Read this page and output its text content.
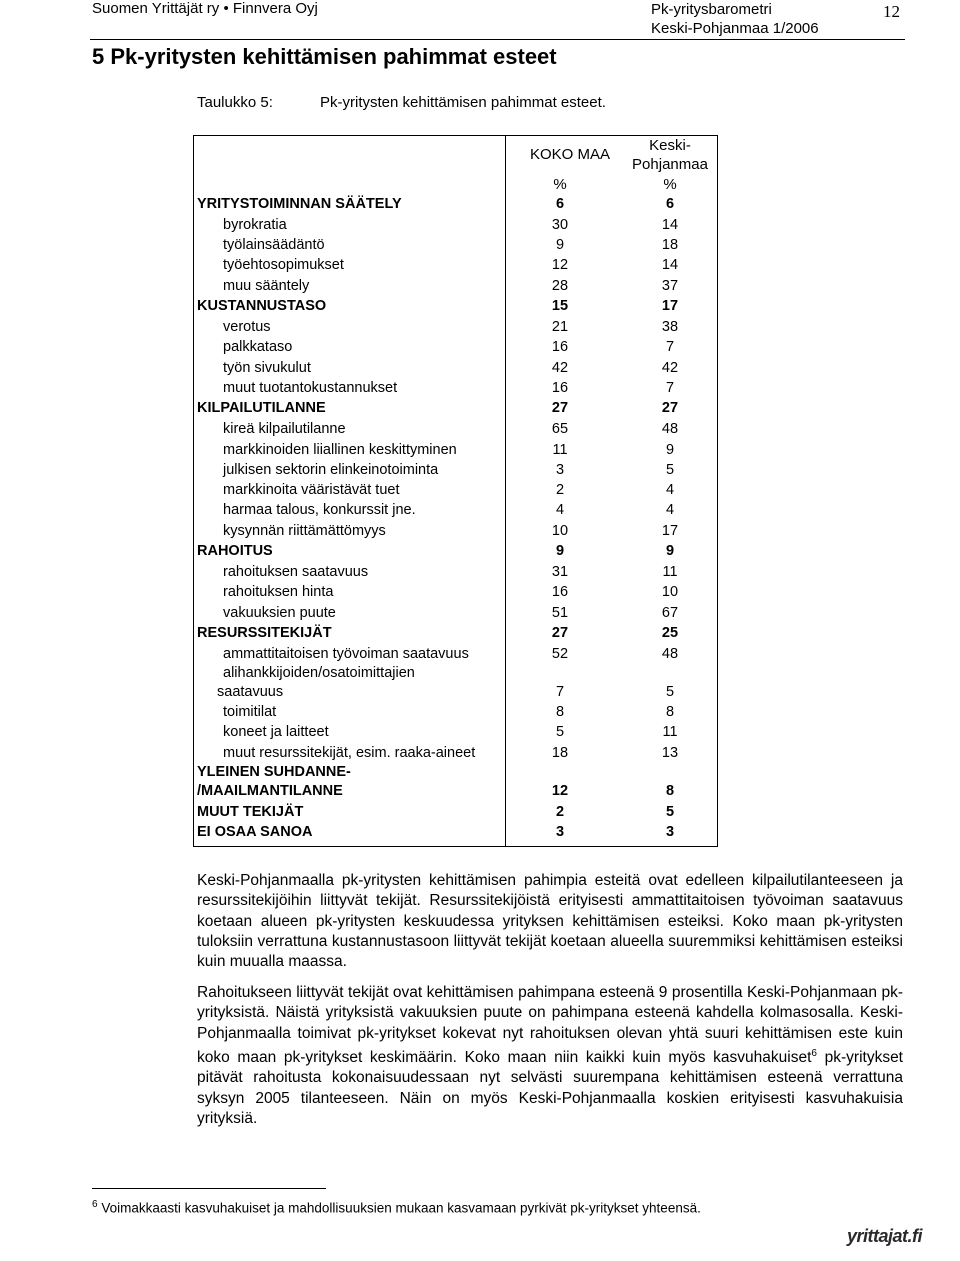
Suomen Yrittäjät ry • Finnvera Oyj	Pk-yritysbarometri
Keski-Pohjanmaa 1/2006
12
5 Pk-yritysten kehittämisen pahimmat esteet
Taulukko 5:	Pk-yritysten kehittämisen pahimmat esteet.
KOKO MAA
Keski-
Pohjanmaa
%	%
YRITYSTOIMINNAN SÄÄTELY	6	6
byrokratia	30	14
työlainsäädäntö	9	18
työehtosopimukset	12	14
muu sääntely	28	37
KUSTANNUSTASO	15	17
verotus	21	38
palkkataso	16	7
työn sivukulut	42	42
muut tuotantokustannukset	16	7
KILPAILUTILANNE	27	27
kireä kilpailutilanne	65	48
markkinoiden liiallinen keskittyminen	11	9
julkisen sektorin elinkeinotoiminta	3	5
markkinoita vääristävät tuet	2	4
harmaa talous, konkurssit jne.	4	4
kysynnän riittämättömyys	10	17
RAHOITUS	9	9
rahoituksen saatavuus	31	11
rahoituksen hinta	16	10
vakuuksien puute	51	67
RESURSSITEKIJÄT	27	25
ammattitaitoisen työvoiman saatavuus	52	48
alihankkijoiden/osatoimittajien
saatavuus	7	5
toimitilat	8	8
koneet ja laitteet	5	11
muut resurssitekijät, esim. raaka-aineet	18	13
YLEINEN SUHDANNE-
/MAAILMANTILANNE	12	8
MUUT TEKIJÄT	2	5
EI OSAA SANOA	3	3
Keski-Pohjanmaalla pk-yritysten kehittämisen pahimpia esteitä ovat edelleen kilpailutilanteeseen ja resurssitekijöihin liittyvät tekijät. Resurssitekijöistä erityisesti ammattitaitoisen työvoiman saatavuus koetaan alueen pk-yritysten keskuudessa yrityksen kehittämisen esteiksi. Koko maan pk-yritysten tuloksiin verrattuna kustannustasoon liittyvät tekijät koetaan alueella suuremmiksi kehittämisen esteiksi kuin muualla maassa.
Rahoitukseen liittyvät tekijät ovat kehittämisen pahimpana esteenä 9 prosentilla Keski-Pohjanmaan pk-yrityksistä. Näistä yrityksistä vakuuksien puute on pahimpana esteenä kahdella kolmasosalla. Keski-Pohjanmaalla toimivat pk-yritykset kokevat nyt rahoituksen olevan yhtä suuri kehittämisen este kuin koko maan pk-yritykset keskimäärin. Koko maan niin kaikki kuin myös kasvuhakuiset$^6$ pk-yritykset pitävät rahoitusta kokonaisuudessaan nyt selvästi suurempana kehittämisen esteenä verrattuna syksyn 2005 tilanteeseen. Näin on myös Keski-Pohjanmaalla koskien erityisesti kasvuhakuisia yrityksiä.
$^6$ Voimakkaasti kasvuhakuiset ja mahdollisuuksien mukaan kasvamaan pyrkivät pk-yritykset yhteensä.
yrittajat.fi
